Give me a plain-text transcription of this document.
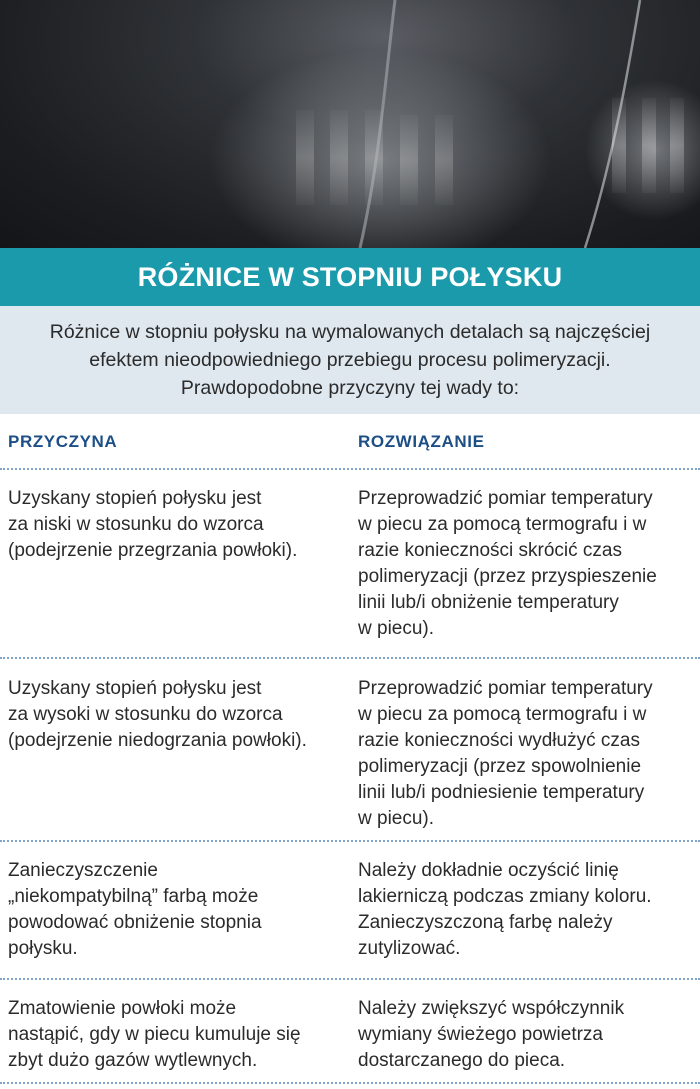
RÓŻNICE W STOPNIU POŁYSKU

Różnice w stopniu połysku na wymalowanych detalach są najczęściej efektem nieodpowiedniego przebiegu procesu polimeryzacji. Prawdopodobne przyczyny tej wady to:

PRZYCZYNA	ROZWIĄZANIE
Uzyskany stopień połysku jest
za niski w stosunku do wzorca
(podejrzenie przegrzania powłoki).
Przeprowadzić pomiar temperatury
w piecu za pomocą termografu i w
razie konieczności skrócić czas
polimeryzacji (przez przyspieszenie
linii lub/i obniżenie temperatury
w piecu).
Uzyskany stopień połysku jest
za wysoki w stosunku do wzorca
(podejrzenie niedogrzania powłoki).
Przeprowadzić pomiar temperatury
w piecu za pomocą termografu i w
razie konieczności wydłużyć czas
polimeryzacji (przez spowolnienie
linii lub/i podniesienie temperatury
w piecu).
Zanieczyszczenie
„niekompatybilną” farbą może
powodować obniżenie stopnia
połysku.
Należy dokładnie oczyścić linię
lakierniczą podczas zmiany koloru.
Zanieczyszczoną farbę należy
zutylizować.
Zmatowienie powłoki może
nastąpić, gdy w piecu kumuluje się
zbyt dużo gazów wytlewnych.
Należy zwiększyć współczynnik
wymiany świeżego powietrza
dostarczanego do pieca.
